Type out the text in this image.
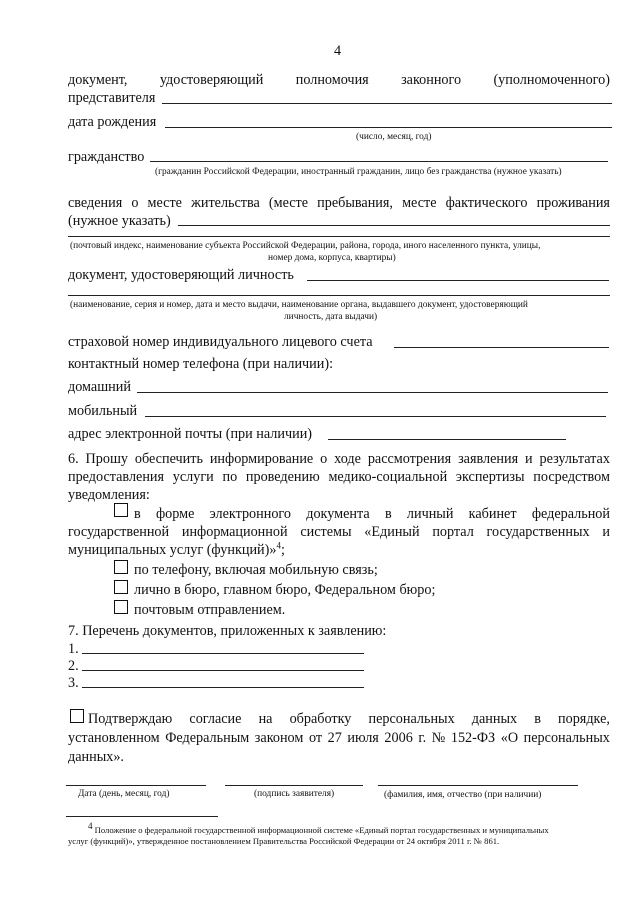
4
документ, удостоверяющий полномочия законного (уполномоченного)
представителя
дата рождения
(число, месяц, год)
гражданство
(гражданин Российской Федерации, иностранный гражданин, лицо без гражданства (нужное указать)
сведения о месте жительства (месте пребывания, месте фактического проживания
(нужное указать)
(почтовый индекс, наименование субъекта Российской Федерации, района, города, иного населенного пункта, улицы,
номер дома, корпуса, квартиры)
документ, удостоверяющий личность
(наименование, серия и номер, дата и место выдачи, наименование органа, выдавшего документ, удостоверяющий
личность, дата выдачи)
страховой номер индивидуального лицевого счета
контактный номер телефона (при наличии):
домашний
мобильный
адрес электронной почты (при наличии)
6. Прошу обеспечить информирование о ходе рассмотрения заявления и результатах
предоставления услуги по проведению медико-социальной экспертизы посредством
уведомления:
в форме электронного документа в личный кабинет федеральной
государственной информационной системы «Единый портал государственных и
муниципальных услуг (функций)»$^4$;
по телефону, включая мобильную связь;
лично в бюро, главном бюро, Федеральном бюро;
почтовым отправлением.
7. Перечень документов, приложенных к заявлению:
1.
2.
3.
Подтверждаю согласие на обработку персональных данных в порядке,
установленном Федеральным законом от 27 июля 2006 г. № 152-ФЗ «О персональных
данных».
Дата (день, месяц, год)	(подпись заявителя)	(фамилия, имя, отчество (при наличии)
$^4$ Положение о федеральной государственной информационной системе «Единый портал государственных и муниципальных
услуг (функций)», утвержденное постановлением Правительства Российской Федерации от 24 октября 2011 г. № 861.
